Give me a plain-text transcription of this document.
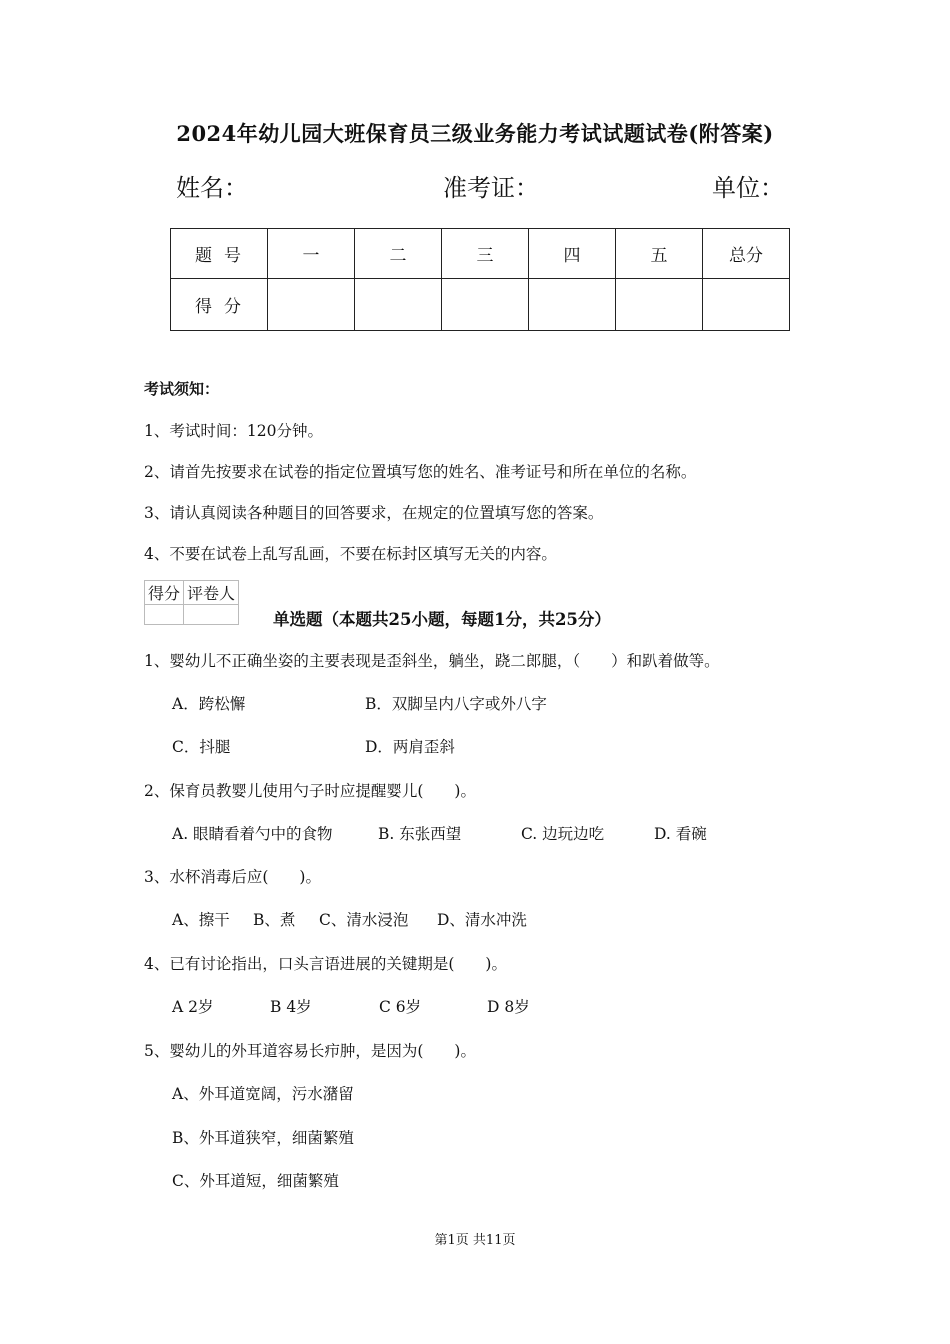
2024年幼儿园大班保育员三级业务能力考试试题试卷(附答案)
姓名：	准考证：	单位：
题号	一	二	三	四	五	总分
得分						
考试须知：
1、考试时间：120分钟。
2、请首先按要求在试卷的指定位置填写您的姓名、准考证号和所在单位的名称。
3、请认真阅读各种题目的回答要求，在规定的位置填写您的答案。
4、不要在试卷上乱写乱画，不要在标封区填写无关的内容。
得分	评卷人

单选题（本题共25小题，每题1分，共25分）
1、婴幼儿不正确坐姿的主要表现是歪斜坐，躺坐，跷二郎腿，（　　）和趴着做等。
A．跨松懈	B．双脚呈内八字或外八字
C．抖腿	D．两肩歪斜
2、保育员教婴儿使用勺子时应提醒婴儿(　　)。
A. 眼睛看着勺中的食物	B. 东张西望	C. 边玩边吃	D. 看碗
3、水杯消毒后应(　　)。
A、擦干 B、煮 C、清水浸泡 D、清水冲洗
4、已有讨论指出，口头言语进展的关键期是(　　)。
A 2岁	B 4岁	C 6岁	D 8岁
5、婴幼儿的外耳道容易长疖肿，是因为(　　)。
A、外耳道宽阔，污水潴留
B、外耳道狭窄，细菌繁殖
C、外耳道短，细菌繁殖
第1页 共11页
